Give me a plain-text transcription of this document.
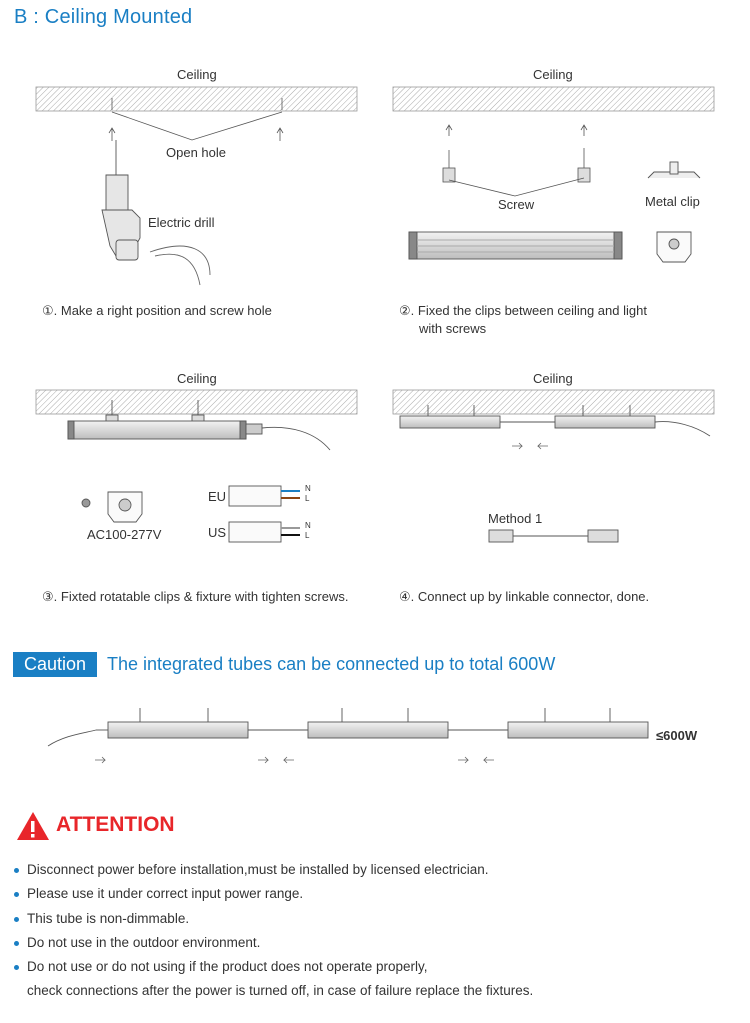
B : Ceiling Mounted
Ceiling
Open hole
Electric drill
①. Make a right position and screw hole
Ceiling
Screw	Metal clip
②. Fixed the clips between ceiling and light
with screws
Ceiling
AC100-277V
EU
US
N
L
N
L
③. Fixted rotatable clips & fixture with tighten screws.
Ceiling
Method 1
④. Connect up by linkable connector, done.
Caution	The integrated tubes can be connected up to total 600W
≤600W
ATTENTION
Disconnect power before installation,must be installed by licensed electrician.
Please use it under correct input power range.
This tube is non-dimmable.
Do not use in the outdoor environment.
Do not use or do not using if the product does not operate properly,
check connections after the power is turned off, in case of failure replace the fixtures.
